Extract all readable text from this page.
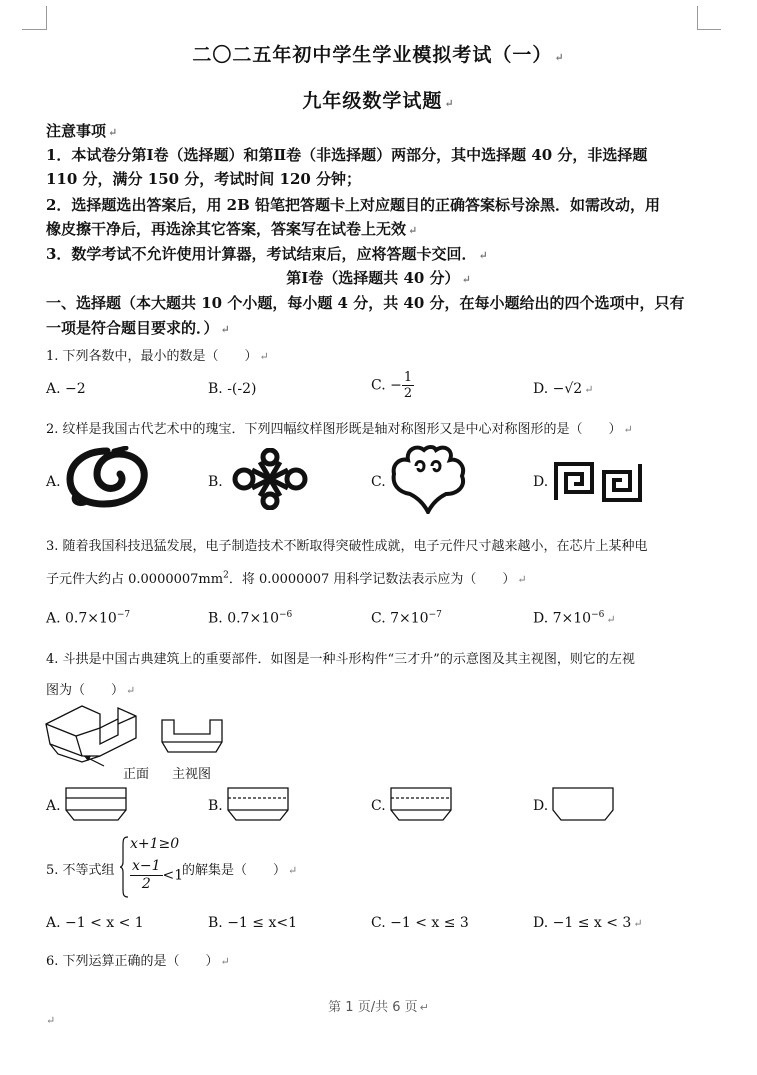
二〇二五年初中学生学业模拟考试（一） ↵
九年级数学试题 ↵
注意事项 ↵
1．本试卷分第Ⅰ卷（选择题）和第Ⅱ卷（非选择题）两部分，其中选择题 40 分，非选择题
110 分，满分 150 分，考试时间 120 分钟；
2．选择题选出答案后，用 2B 铅笔把答题卡上对应题目的正确答案标号涂黑．如需改动，用
橡皮擦干净后，再选涂其它答案，答案写在试卷上无效 ↵
3．数学考试不允许使用计算器，考试结束后，应将答题卡交回． ↵
第Ⅰ卷（选择题共 40 分） ↵
一、选择题（本大题共 10 个小题，每小题 4 分，共 40 分，在每小题给出的四个选项中，只有
一项是符合题目要求的．） ↵
1. 下列各数中，最小的数是（　　） ↵
A. −2	B. -(-2)	C. − $\frac{1}{2}$	D. −√2 ↵
2. 纹样是我国古代艺术中的瑰宝．下列四幅纹样图形既是轴对称图形又是中心对称图形的是（　　） ↵
A.	B.	C.	D.
3. 随着我国科技迅猛发展，电子制造技术不断取得突破性成就，电子元件尺寸越来越小，在芯片上某种电
子元件大约占 $0.0000007mm^2$．将 0.0000007 用科学记数法表示应为（　　） ↵
A. $0.7\times 10^{-7}$	B. $0.7\times 10^{-6}$	C. $7\times 10^{-7}$	D. $7\times 10^{-6}$ ↵
4. 斗拱是中国古典建筑上的重要部件．如图是一种斗形构件“三才升”的示意图及其主视图，则它的左视
图为（　　） ↵
正面 主视图
A.	B.	C.	D.
5. 不等式组
x+1≥0
$\frac{x-1}{2} <1$
的解集是（　　） ↵
A. −1 < x < 1	B. −1 ≤ x<1	C. −1 < x ≤ 3	D. −1 ≤ x < 3 ↵
6. 下列运算正确的是（　　） ↵
第 1 页/共 6 页 ↵
↵
